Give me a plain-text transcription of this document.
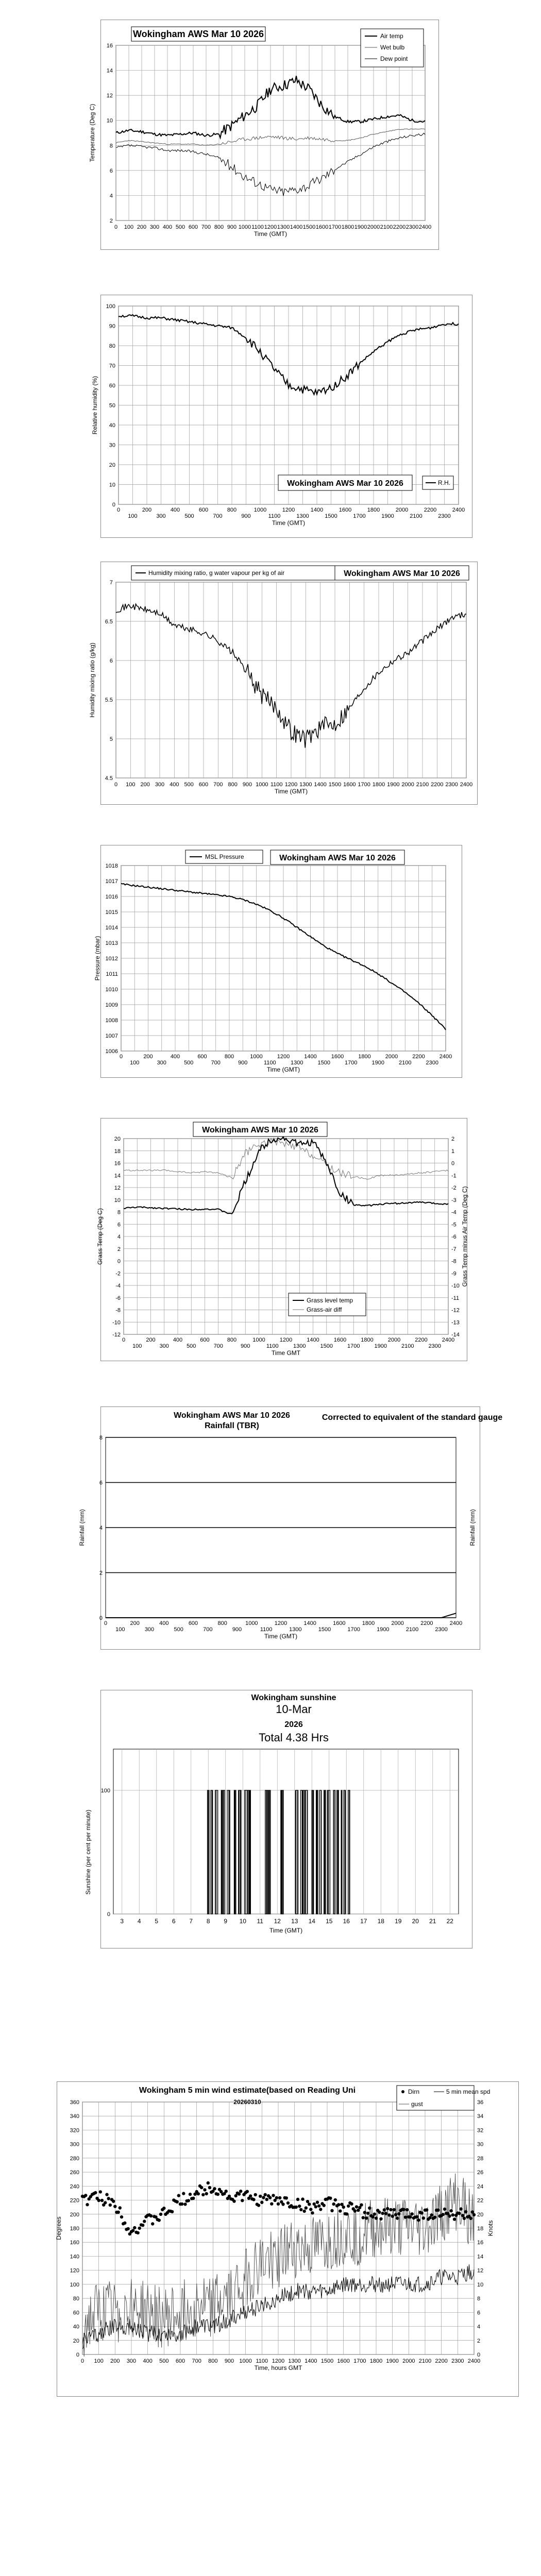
16
14
12
10
8
6
4
2
0 100 200 300 400 500 600 700 800 900 1000 1100 1200 1300 1400 1500 1600 1700 1800 1900 2000 2100 2200 2300 2400
Time (GMT)
Temperature (Deg C)
Wokingham AWS Mar 10 2026	Air temp
Wet bulb
Dew point
100
90
80
70
60
50
40
30
20
10
0
0	200	400	600	800	1000	1200	1400	1600	1800	2000	2200	2400
100	300	500	700	900	1100	1300	1500	1700	1900	2100	2300
Time (GMT)
Relative humidity (%)
Wokingham AWS Mar 10 2026	R.H.
7
6.5
6
5.5
5
4.5
0 100 200 300 400 500 600 700 800 900 1000 1100 1200 1300 1400 1500 1600 1700 1800 1900 2000 2100 2200 2300 2400
Time (GMT)
Humidity mixing ratio (g/kg)
Humidity mixing ratio, g water vapour per kg of air	Wokingham AWS Mar 10 2026
1018
1017
1016
1015
1014
1013
1012
1011
1010
1009
1008
1007
1006
0	200	400	600	800	1000	1200	1400	1600	1800	2000	2200	2400
100	300	500	700	900	1100	1300	1500	1700	1900	2100	2300
Time (GMT)
Pressure (mbar)
MSL Pressure	Wokingham AWS Mar 10 2026
20
18
16
14
12
10
8
6
4
2
0
-2
-4
-6
-8
-10
-12
2
1
0
-1
-2
-3
-4
-5
-6
-7
-8
-9
-10
-11
-12
-13
-14
0	200	400	600	800	1000	1200	1400	1600	1800	2000	2200	2400
100	300	500	700	900	1100	1300	1500	1700	1900	2100	2300
Time GMT
Grass Temp (Deg C)	Grass Temp minus Air Temp (Deg C)
Wokingham AWS Mar 10 2026
Grass level temp
Grass-air diff
8
6
4
2
0
0	200	400	600	800	1000	1200	1400	1600	1800	2000	2200	2400
100	300	500	700	900	1100	1300	1500	1700	1900	2100	2300
Time (GMT)
Rainfall (mm)	Rainfall (mm)
Wokingham AWS Mar 10 2026
Rainfall (TBR)
Corrected to equivalent of the standard gauge
3 4 5 6 7 8 9 10 11 12 13 14 15 16 17 18 19 20 21 22
100
0
Time (GMT)
Sunshine (per cent per minute)
Wokingham sunshine
10-Mar
2026
Total 4.38 Hrs
360
340
320
300
280
260
240
220
200
180
160
140
120
100
80
60
40
20
0
36
34
32
30
28
26
24
22
20
18
16
14
12
10
8
6
4
2
0
0 100 200 300 400 500 600 700 800 900 1000 1100 1200 1300 1400 1500 1600 1700 1800 1900 2000 2100 2200 2300 2400
Time, hours GMT
Degrees	Knots
Wokingham 5 min wind estimate(based on Reading Uni
20260310
Dirn	5 min mean spd
gust
